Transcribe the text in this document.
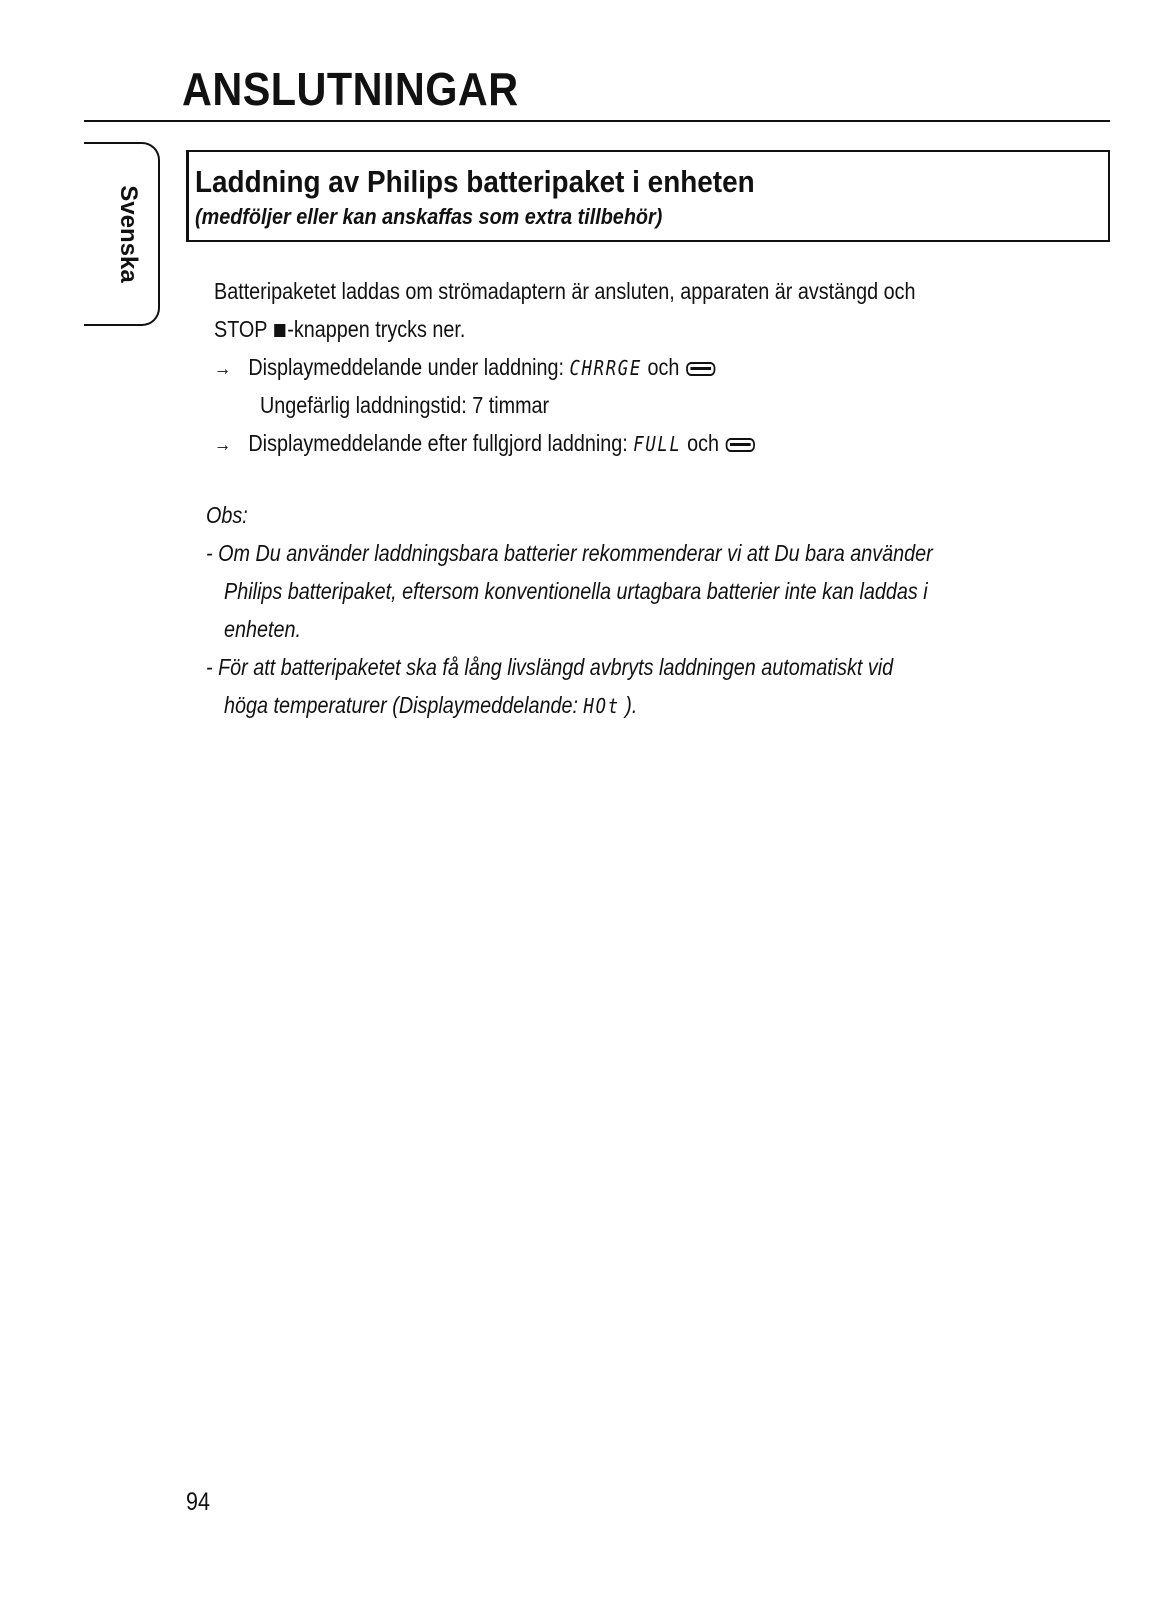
ANSLUTNINGAR
Svenska
Laddning av Philips batteripaket i enheten
(medföljer eller kan anskaffas som extra tillbehör)
Batteripaketet laddas om strömadaptern är ansluten, apparaten är avstängd och
STOP -knappen trycks ner.
→ Displaymeddelande under laddning: CHRRGE och
Ungefärlig laddningstid: 7 timmar
→ Displaymeddelande efter fullgjord laddning: FULL och
Obs:
- Om Du använder laddningsbara batterier rekommenderar vi att Du bara använder
Philips batteripaket, eftersom konventionella urtagbara batterier inte kan laddas i
enheten.
- För att batteripaketet ska få lång livslängd avbryts laddningen automatiskt vid
höga temperaturer (Displaymeddelande: HOt ).
94
